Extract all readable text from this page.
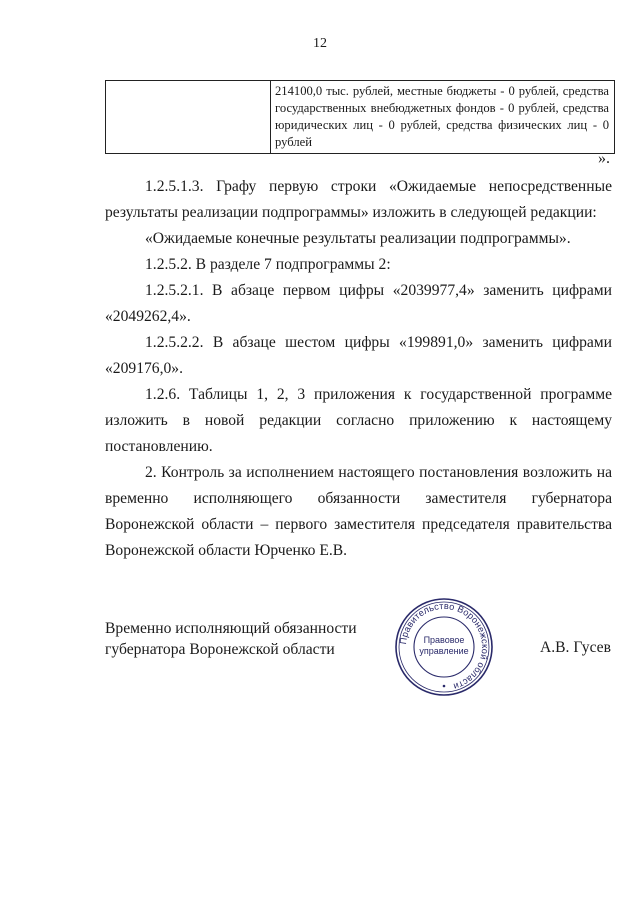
12
	214100,0 тыс. рублей, местные бюджеты - 0 рублей, средства государственных внебюджетных фондов - 0 рублей, средства юридических лиц - 0 рублей, средства физических лиц - 0 рублей
».

1.2.5.1.3. Графу первую строки «Ожидаемые непосредственные результаты реализации подпрограммы» изложить в следующей редакции:

«Ожидаемые конечные результаты реализации подпрограммы».

1.2.5.2. В разделе 7 подпрограммы 2:

1.2.5.2.1. В абзаце первом цифры «2039977,4» заменить цифрами «2049262,4».

1.2.5.2.2. В абзаце шестом цифры «199891,0» заменить цифрами «209176,0».

1.2.6. Таблицы 1, 2, 3 приложения к государственной программе изложить в новой редакции согласно приложению к настоящему постановлению.

2. Контроль за исполнением настоящего постановления возложить на временно исполняющего обязанности заместителя губернатора Воронежской области – первого заместителя председателя правительства Воронежской области Юрченко Е.В.

Временно исполняющий обязанности
губернатора Воронежской области
Правительство Воронежской области
Правовое
управление	А.В. Гусев
